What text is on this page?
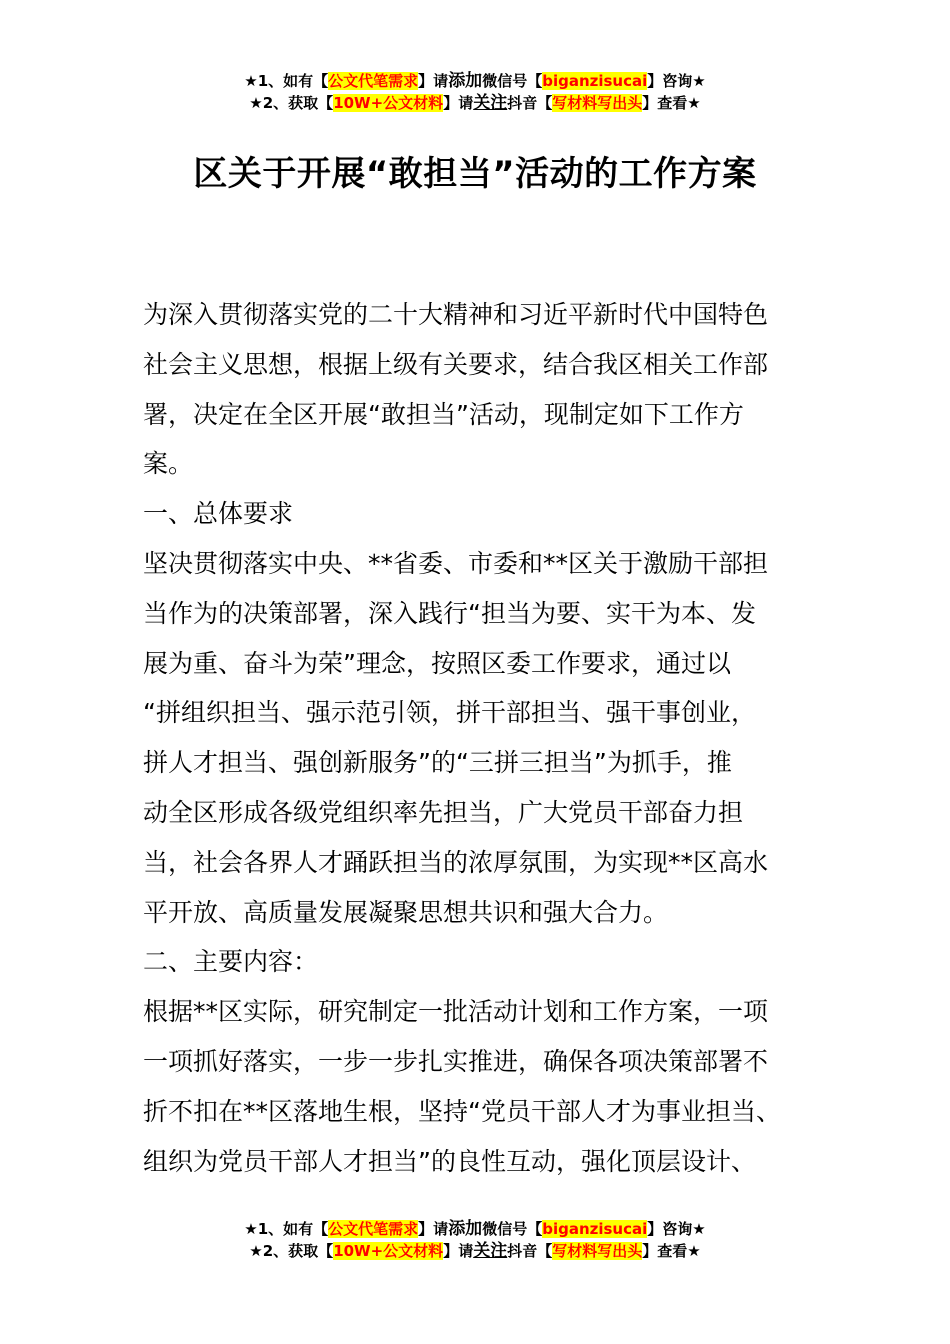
★1、如有【公文代笔需求】请添加微信号【biganzisucai】咨询★
★2、获取【10W+公文材料】请关注抖音【写材料写出头】查看★
区关于开展“敢担当”活动的工作方案

为深入贯彻落实党的二十大精神和习近平新时代中国特色

社会主义思想，根据上级有关要求，结合我区相关工作部

署，决定在全区开展“敢担当”活动，现制定如下工作方

案。

一、总体要求

坚决贯彻落实中央、**省委、市委和**区关于激励干部担

当作为的决策部署，深入践行“担当为要、实干为本、发

展为重、奋斗为荣”理念，按照区委工作要求，通过以

“拼组织担当、强示范引领，拼干部担当、强干事创业，

拼人才担当、强创新服务”的“三拼三担当”为抓手，推

动全区形成各级党组织率先担当，广大党员干部奋力担

当，社会各界人才踊跃担当的浓厚氛围，为实现**区高水

平开放、高质量发展凝聚思想共识和强大合力。

二、主要内容：

根据**区实际，研究制定一批活动计划和工作方案，一项

一项抓好落实，一步一步扎实推进，确保各项决策部署不

折不扣在**区落地生根，坚持“党员干部人才为事业担当、

组织为党员干部人才担当”的良性互动，强化顶层设计、

★1、如有【公文代笔需求】请添加微信号【biganzisucai】咨询★
★2、获取【10W+公文材料】请关注抖音【写材料写出头】查看★
